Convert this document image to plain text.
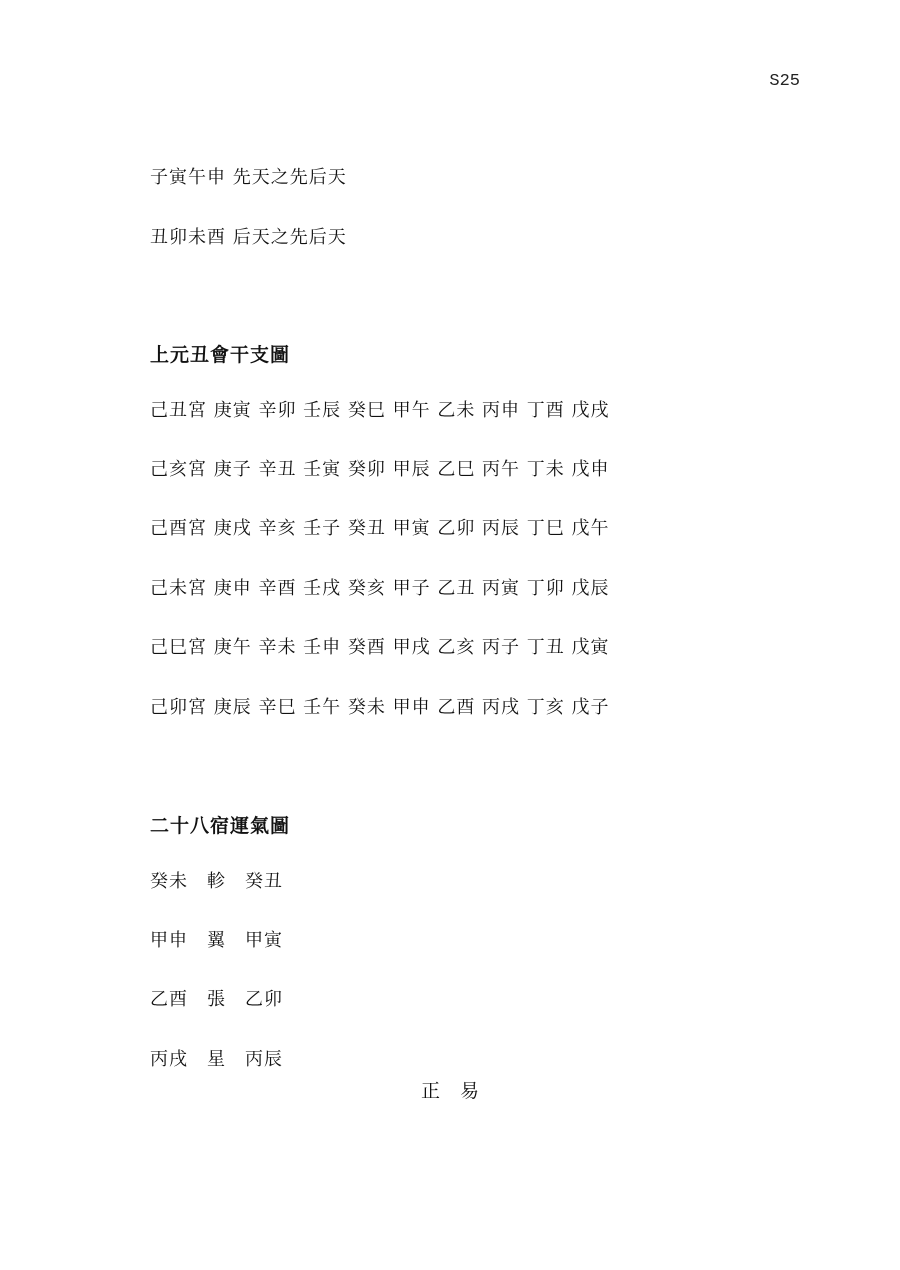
S25
子寅午申 先天之先后天
丑卯未酉 后天之先后天
上元丑會干支圖
己丑宮 庚寅 辛卯 壬辰 癸巳 甲午 乙未 丙申 丁酉 戊戌
己亥宮 庚子 辛丑 壬寅 癸卯 甲辰 乙巳 丙午 丁未 戊申
己酉宮 庚戌 辛亥 壬子 癸丑 甲寅 乙卯 丙辰 丁巳 戊午
己未宮 庚申 辛酉 壬戌 癸亥 甲子 乙丑 丙寅 丁卯 戊辰
己巳宮 庚午 辛未 壬申 癸酉 甲戌 乙亥 丙子 丁丑 戊寅
己卯宮 庚辰 辛巳 壬午 癸未 甲申 乙酉 丙戌 丁亥 戊子
二十八宿運氣圖
癸未　軫　癸丑
甲申　翼　甲寅
乙酉　張　乙卯
丙戌　星　丙辰
正易
